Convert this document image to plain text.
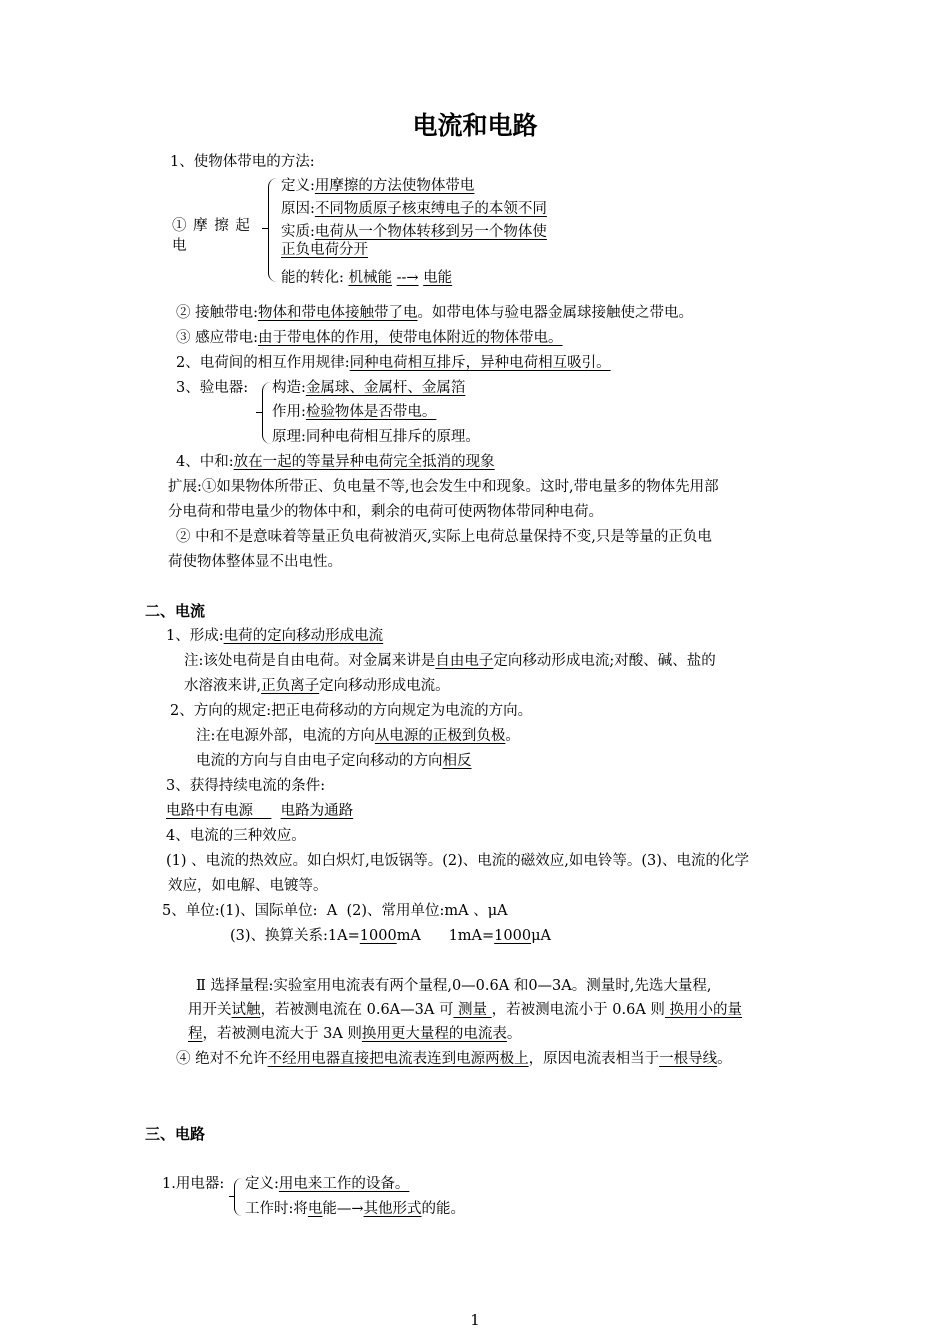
电流和电路
1、使物体带电的方法:
① 摩 擦 起 电
定义:用摩擦的方法使物体带电
原因:不同物质原子核束缚电子的本领不同
实质:电荷从一个物体转移到另一个物体使
正负电荷分开
能的转化: 机械能 --→ 电能
② 接触带电:物体和带电体接触带了电。如带电体与验电器金属球接触使之带电。
③ 感应带电:由于带电体的作用，使带电体附近的物体带电。
2、电荷间的相互作用规律:同种电荷相互排斥，异种电荷相互吸引。
3、验电器: 构造:金属球、金属杆、金属箔
作用:检验物体是否带电。
原理:同种电荷相互排斥的原理。
4、中和:放在一起的等量异种电荷完全抵消的现象
扩展:①如果物体所带正、负电量不等,也会发生中和现象。这时,带电量多的物体先用部
分电荷和带电量少的物体中和，剩余的电荷可使两物体带同种电荷。
② 中和不是意味着等量正负电荷被消灭,实际上电荷总量保持不变,只是等量的正负电
荷使物体整体显不出电性。
二、电流
1、形成:电荷的定向移动形成电流
注:该处电荷是自由电荷。对金属来讲是自由电子定向移动形成电流;对酸、碱、盐的
水溶液来讲,正负离子定向移动形成电流。
2、方向的规定:把正电荷移动的方向规定为电流的方向。
注:在电源外部，电流的方向从电源的正极到负极。
电流的方向与自由电子定向移动的方向相反
3、获得持续电流的条件:
电路中有电源 电路为通路
4、电流的三种效应。
(1) 、电流的热效应。如白炽灯,电饭锅等。(2)、电流的磁效应,如电铃等。(3)、电流的化学
效应，如电解、电镀等。
5、单位:(1)、国际单位:  A  (2)、常用单位:mA 、μA
(3)、换算关系:1A=1000mA      1mA=1000μA
Ⅱ 选择量程:实验室用电流表有两个量程,0—0.6A 和0—3A。测量时,先选大量程,
用开关试触，若被测电流在 0.6A—3A 可 测量 ，若被测电流小于 0.6A 则 换用小的量
程，若被测电流大于 3A 则换用更大量程的电流表。
④ 绝对不允许不经用电器直接把电流表连到电源两极上，原因电流表相当于一根导线。
三、电路
1.用电器: 定义:用电来工作的设备。
工作时:将电能—→其他形式的能。
1
